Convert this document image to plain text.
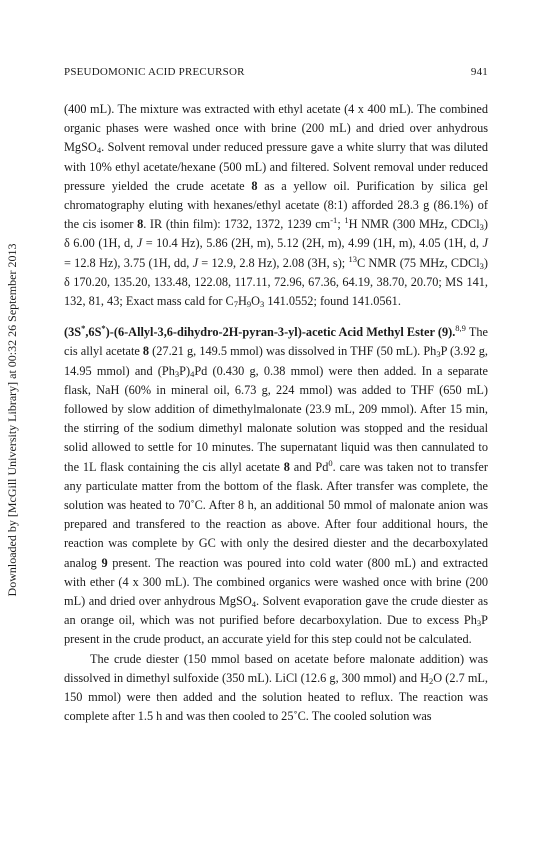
PSEUDOMONIC ACID PRECURSOR	941
Downloaded by [McGill University Library] at 00:32 26 September 2013

(400 mL). The mixture was extracted with ethyl acetate (4 x 400 mL). The combined organic phases were washed once with brine (200 mL) and dried over anhydrous MgSO$_4$. Solvent removal under reduced pressure gave a white slurry that was diluted with 10% ethyl acetate/hexane (500 mL) and filtered. Solvent removal under reduced pressure yielded the crude acetate 8 as a yellow oil. Purification by silica gel chromatography eluting with hexanes/ethyl acetate (8:1) afforded 28.3 g (86.1%) of the cis isomer 8. IR (thin film): 1732, 1372, 1239 $cm^{-1}$; $^1$H NMR (300 MHz, CDCl$_3$) δ 6.00 (1H, d, J = 10.4 Hz), 5.86 (2H, m), 5.12 (2H, m), 4.99 (1H, m), 4.05 (1H, d, J = 12.8 Hz), 3.75 (1H, dd, J = 12.9, 2.8 Hz), 2.08 (3H, s); $^{13}$C NMR (75 MHz, CDCl$_3$) δ 170.20, 135.20, 133.48, 122.08, 117.11, 72.96, 67.36, 64.19, 38.70, 20.70; MS 141, 132, 81, 43; Exact mass cald for $C_7H_9O_3$ 141.0552; found 141.0561.

(3S*,6S*)-(6-Allyl-3,6-dihydro-2H-pyran-3-yl)-acetic Acid Methyl Ester (9).$^{8,9}$ The cis allyl acetate 8 (27.21 g, 149.5 mmol) was dissolved in THF (50 mL). $Ph_3P$ (3.92 g, 14.95 mmol) and $(Ph_3P)_4Pd$ (0.430 g, 0.38 mmol) were then added. In a separate flask, NaH (60% in mineral oil, 6.73 g, 224 mmol) was added to THF (650 mL) followed by slow addition of dimethylmalonate (23.9 mL, 209 mmol). After 15 min, the stirring of the sodium dimethyl malonate solution was stopped and the residual solid allowed to settle for 10 minutes. The supernatant liquid was then cannulated to the 1L flask containing the cis allyl acetate 8 and Pd$^0$. care was taken not to transfer any particulate matter from the bottom of the flask. After transfer was complete, the solution was heated to 70˚C. After 8 h, an additional 50 mmol of malonate anion was prepared and transfered to the reaction as above. After four additional hours, the reaction was complete by GC with only the desired diester and the decarboxylated analog 9 present. The reaction was poured into cold water (800 mL) and extracted with ether (4 x 300 mL). The combined organics were washed once with brine (200 mL) and dried over anhydrous MgSO$_4$. Solvent evaporation gave the crude diester as an orange oil, which was not purified before decarboxylation. Due to excess $Ph_3P$ present in the crude product, an accurate yield for this step could not be calculated.

The crude diester (150 mmol based on acetate before malonate addition) was dissolved in dimethyl sulfoxide (350 mL). LiCl (12.6 g, 300 mmol) and $H_2O$ (2.7 mL, 150 mmol) were then added and the solution heated to reflux. The reaction was complete after 1.5 h and was then cooled to 25˚C. The cooled solution was
